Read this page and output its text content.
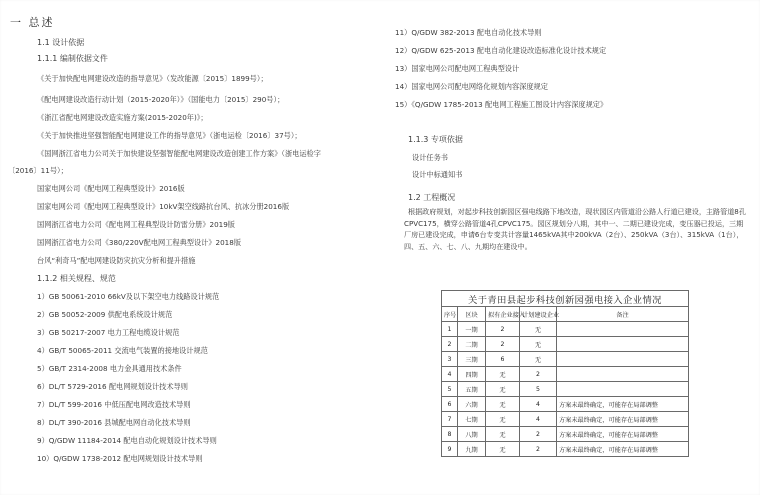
一 总述
1.1 设计依据
1.1.1 编制依据文件
《关于加快配电网建设改造的指导意见》（发改能源〔2015〕1899号）；
《配电网建设改造行动计划（2015-2020年）》（国能电力〔2015〕290号）；
《浙江省配电网建设改造实施方案(2015-2020年)》；
《关于加快推进坚强智能配电网建设工作的指导意见》（浙电运检〔2016〕37号）；
《国网浙江省电力公司关于加快建设坚强智能配电网建设改造创建工作方案》（浙电运检字
〔2016〕11号）；
国家电网公司《配电网工程典型设计》2016版
国家电网公司《配电网工程典型设计》10kV架空线路抗台风、抗冰分册2016版
国网浙江省电力公司《配电网工程典型设计防雷分册》2019版
国网浙江省电力公司《380/220V配电网工程典型设计》2018版
台风“利奇马”配电网建设防灾抗灾分析和提升措施
1.1.2 相关规程、规范
1）GB 50061-2010 66kV及以下架空电力线路设计规范
2）GB 50052-2009 供配电系统设计规范
3）GB 50217-2007 电力工程电缆设计规范
4）GB/T 50065-2011 交流电气装置的接地设计规范
5）GB/T 2314-2008 电力金具通用技术条件
6）DL/T 5729-2016 配电网规划设计技术导则
7）DL/T 599-2016 中低压配电网改造技术导则
8）DL/T 390-2016 县城配电网自动化技术导则
9）Q/GDW 11184-2014 配电自动化规划设计技术导则
10）Q/GDW 1738-2012 配电网规划设计技术导则
11）Q/GDW 382-2013 配电自动化技术导则
12）Q/GDW 625-2013 配电自动化建设改造标准化设计技术规定
13）国家电网公司配电网工程典型设计
14）国家电网公司配电网络化规划内容深度规定
15）《Q/GDW 1785-2013 配电网工程施工图设计内容深度规定》
1.1.3 专项依据
设计任务书
设计中标通知书
1.2 工程概况
根据政府规划，对起步科技创新园区强电线路下地改造，现状园区内管道沿公路人行道已建设，主路管道8孔CPVC175，横穿公路管道4孔CPVC175。园区规划分八期，其中一、二期已建设完成，变压器已投运，三期厂房已建设完成，申请6台专变共计容量1465kVA其中200kVA（2台）、250kVA（3台）、315kVA（1台），四、五、六、七、八、九期均在建设中。
关于青田县起步科技创新园强电接入企业情况				
序号	区块	拟有企业接入	计划建设企业	备注
1	一期	2	无	
2	二期	2	无	
3	三期	6	无	
4	四期	无	2	
5	五期	无	5	
6	六期	无	4	方案未最终确定，可能存在局部调整
7	七期	无	4	方案未最终确定，可能存在局部调整
8	八期	无	2	方案未最终确定，可能存在局部调整
9	九期	无	2	方案未最终确定，可能存在局部调整
